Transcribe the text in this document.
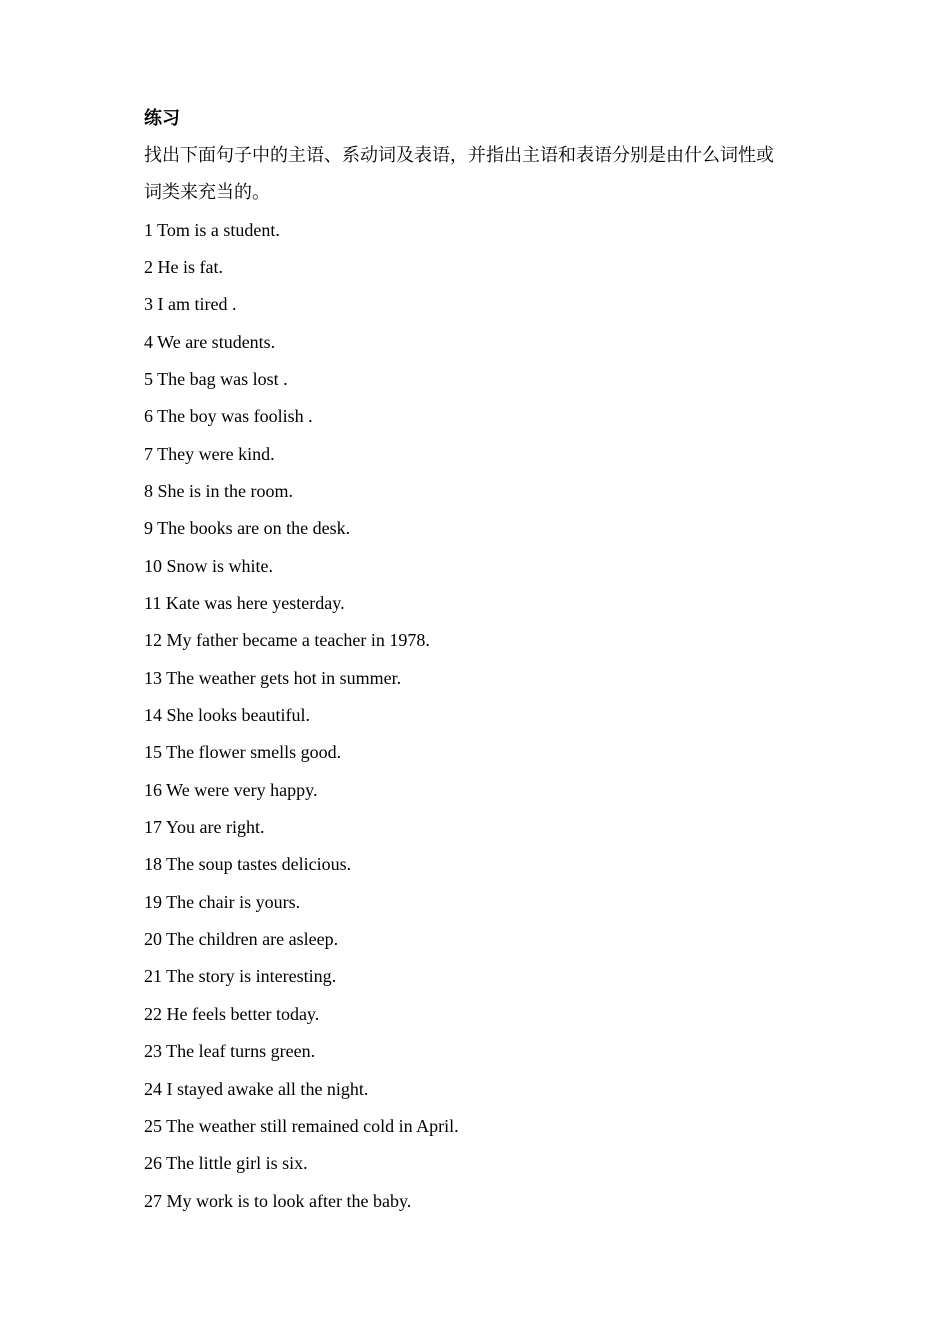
练习
找出下面句子中的主语、系动词及表语，并指出主语和表语分别是由什么词性或
词类来充当的。
1 Tom is a student.
2 He is fat.
3 I am tired .
4 We are students.
5 The bag was lost .
6 The boy was foolish .
7 They were kind.
8 She is in the room.
9 The books are on the desk.
10 Snow is white.
11 Kate was here yesterday.
12 My father became a teacher in 1978.
13 The weather gets hot in summer.
14 She looks beautiful.
15 The flower smells good.
16 We were very happy.
17 You are right.
18 The soup tastes delicious.
19 The chair is yours.
20 The children are asleep.
21 The story is interesting.
22 He feels better today.
23 The leaf turns green.
24 I stayed awake all the night.
25 The weather still remained cold in April.
26 The little girl is six.
27 My work is to look after the baby.
